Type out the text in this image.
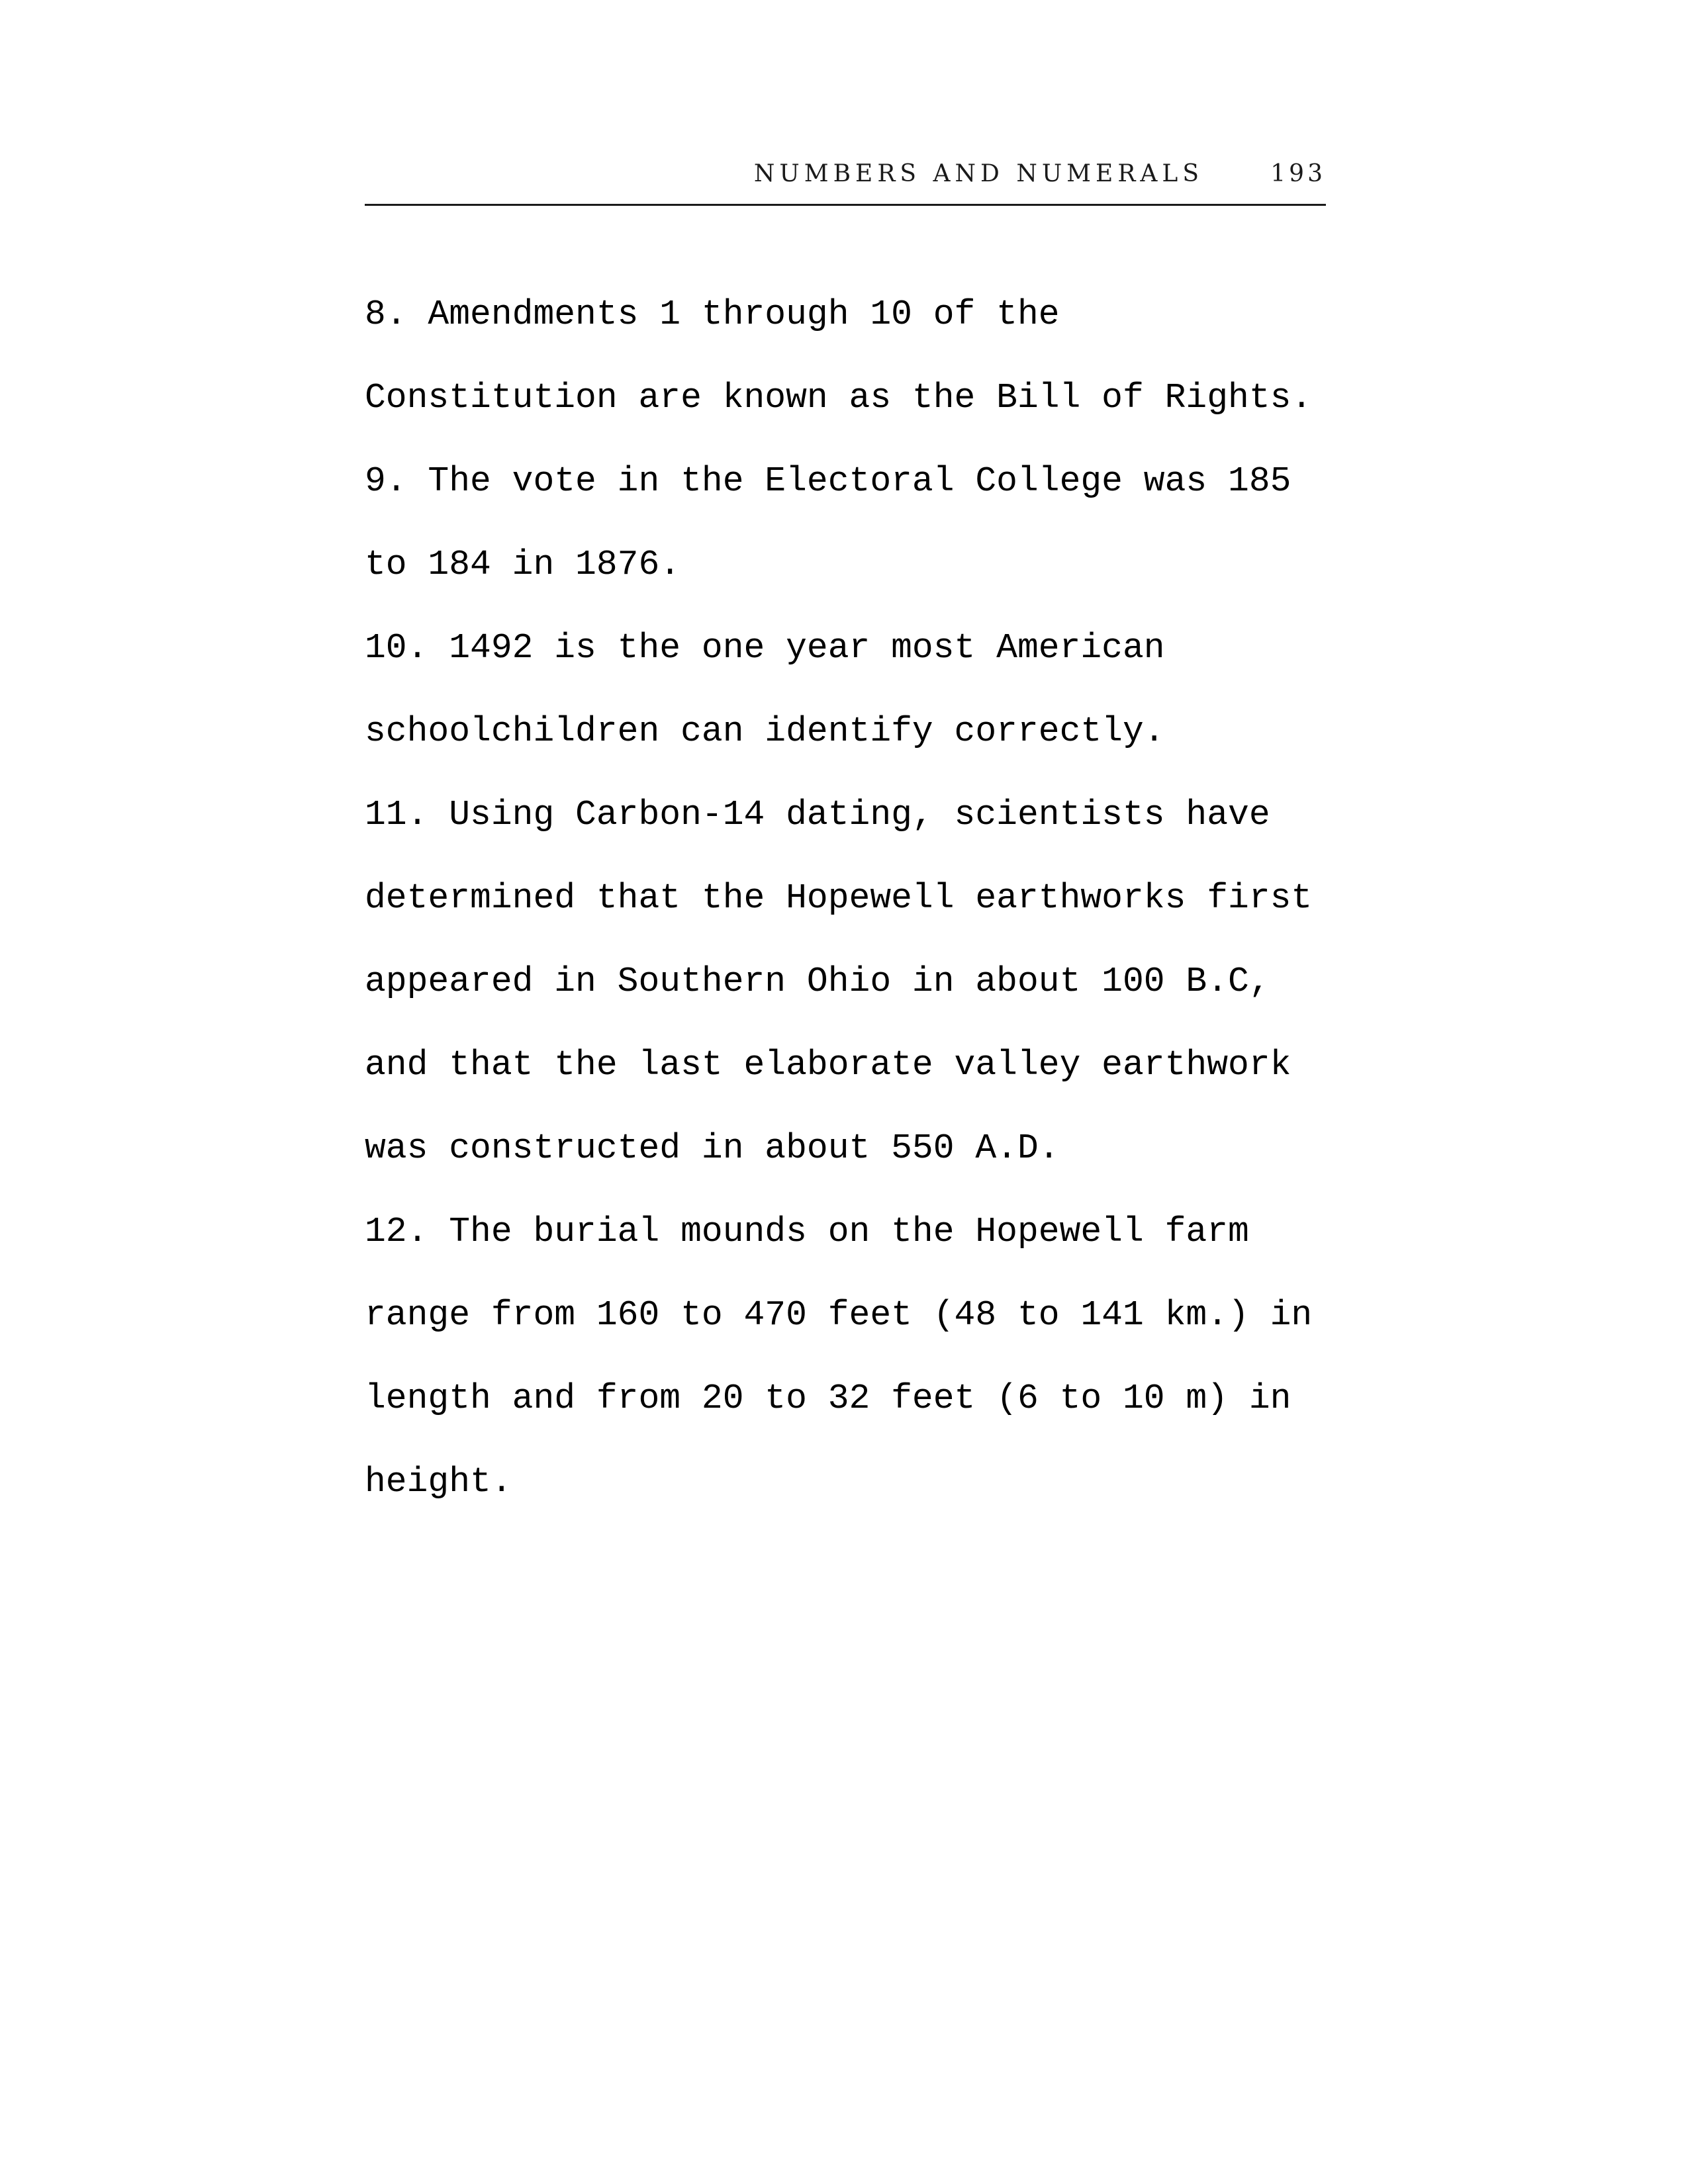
NUMBERS AND NUMERALS	193
8. Amendments 1 through 10 of the
Constitution are known as the Bill of Rights.
9. The vote in the Electoral College was 185
to 184 in 1876.
10. 1492 is the one year most American
schoolchildren can identify correctly.
11. Using Carbon-14 dating, scientists have
determined that the Hopewell earthworks first
appeared in Southern Ohio in about 100 B.C,
and that the last elaborate valley earthwork
was constructed in about 550 A.D.
12. The burial mounds on the Hopewell farm
range from 160 to 470 feet (48 to 141 km.) in
length and from 20 to 32 feet (6 to 10 m) in
height.
